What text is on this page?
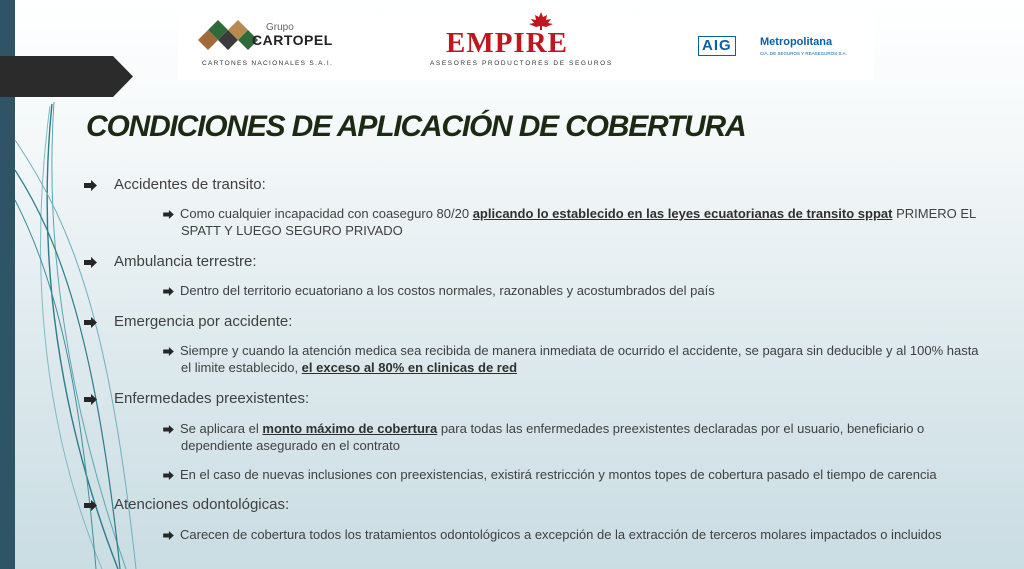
Grupo
CARTOPEL
CARTONES NACIONALES S.A.I.
EMPIRE
ASESORES PRODUCTORES DE SEGUROS
AIG	Metropolitana
CIA. DE SEGUROS Y REASEGUROS S.A.
CONDICIONES DE APLICACIÓN DE COBERTURA
Accidentes de transito:
Como cualquier incapacidad con coaseguro 80/20 aplicando lo establecido en las leyes ecuatorianas de transito sppat PRIMERO EL
SPATT Y LUEGO SEGURO PRIVADO
Ambulancia terrestre:
Dentro del territorio ecuatoriano a los costos normales, razonables y acostumbrados del país
Emergencia por accidente:
Siempre y cuando la atención medica sea recibida de manera inmediata de ocurrido el accidente, se pagara sin deducible y al 100% hasta
el limite establecido, el exceso al 80% en clinicas de red
Enfermedades preexistentes:
Se aplicara el monto máximo de cobertura para todas las enfermedades preexistentes declaradas por el usuario, beneficiario o
dependiente asegurado en el contrato
En el caso de nuevas inclusiones con preexistencias, existirá restricción y montos topes de cobertura pasado el tiempo de carencia
Atenciones odontológicas:
Carecen de cobertura todos los tratamientos odontológicos a excepción de la extracción de terceros molares impactados o incluidos
